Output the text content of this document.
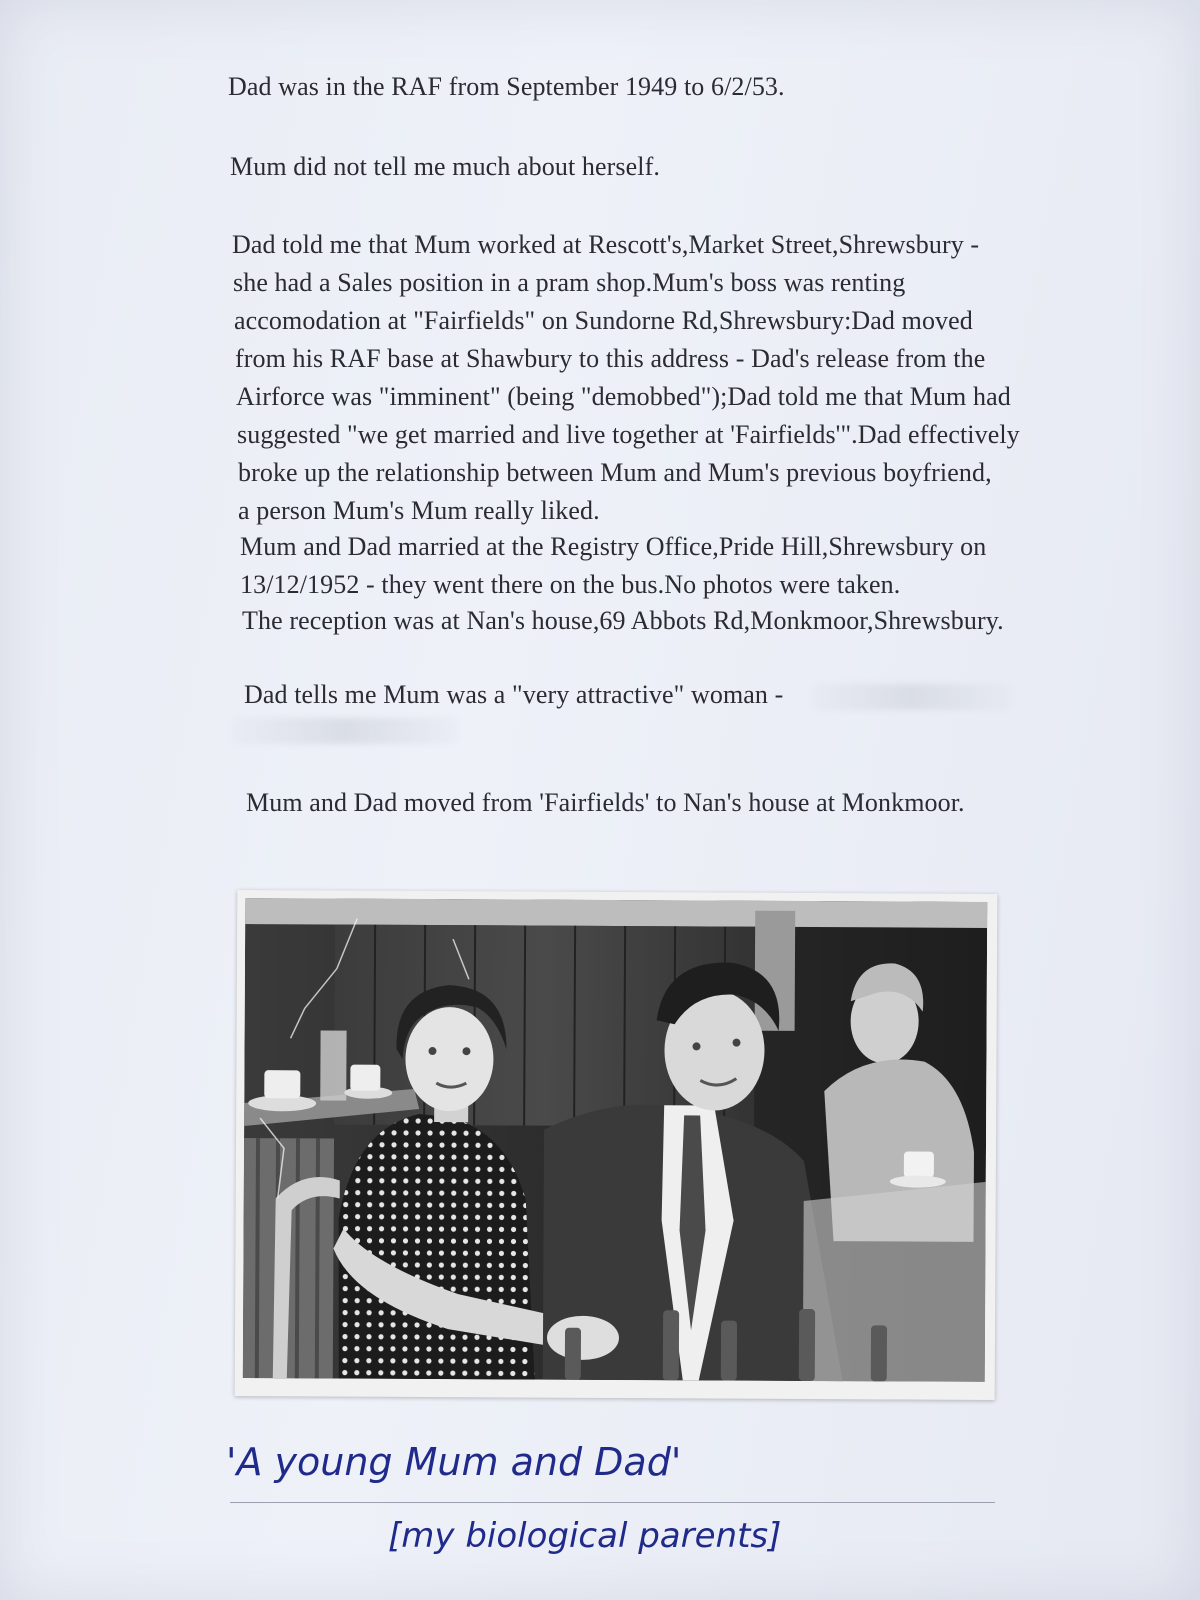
Dad was in the RAF from September 1949 to 6/2/53.
Mum did not tell me much about herself.
Dad told me that Mum worked at Rescott's,Market Street,Shrewsbury -
she had a Sales position in a pram shop.Mum's boss was renting
accomodation at "Fairfields" on Sundorne Rd,Shrewsbury:Dad moved
from his RAF base at Shawbury to this address - Dad's release from the
Airforce was "imminent" (being "demobbed");Dad told me that Mum had
suggested "we get married and live together at 'Fairfields'".Dad effectively
broke up the relationship between Mum and Mum's previous boyfriend,
a person Mum's Mum really liked.
Mum and Dad married at the Registry Office,Pride Hill,Shrewsbury on
13/12/1952 - they went there on the bus.No photos were taken.
The reception was at Nan's house,69 Abbots Rd,Monkmoor,Shrewsbury.
Dad tells me Mum was a "very attractive" woman -
Mum and Dad moved from 'Fairfields' to Nan's house at Monkmoor.
'A young Mum and Dad'
[my biological parents]
